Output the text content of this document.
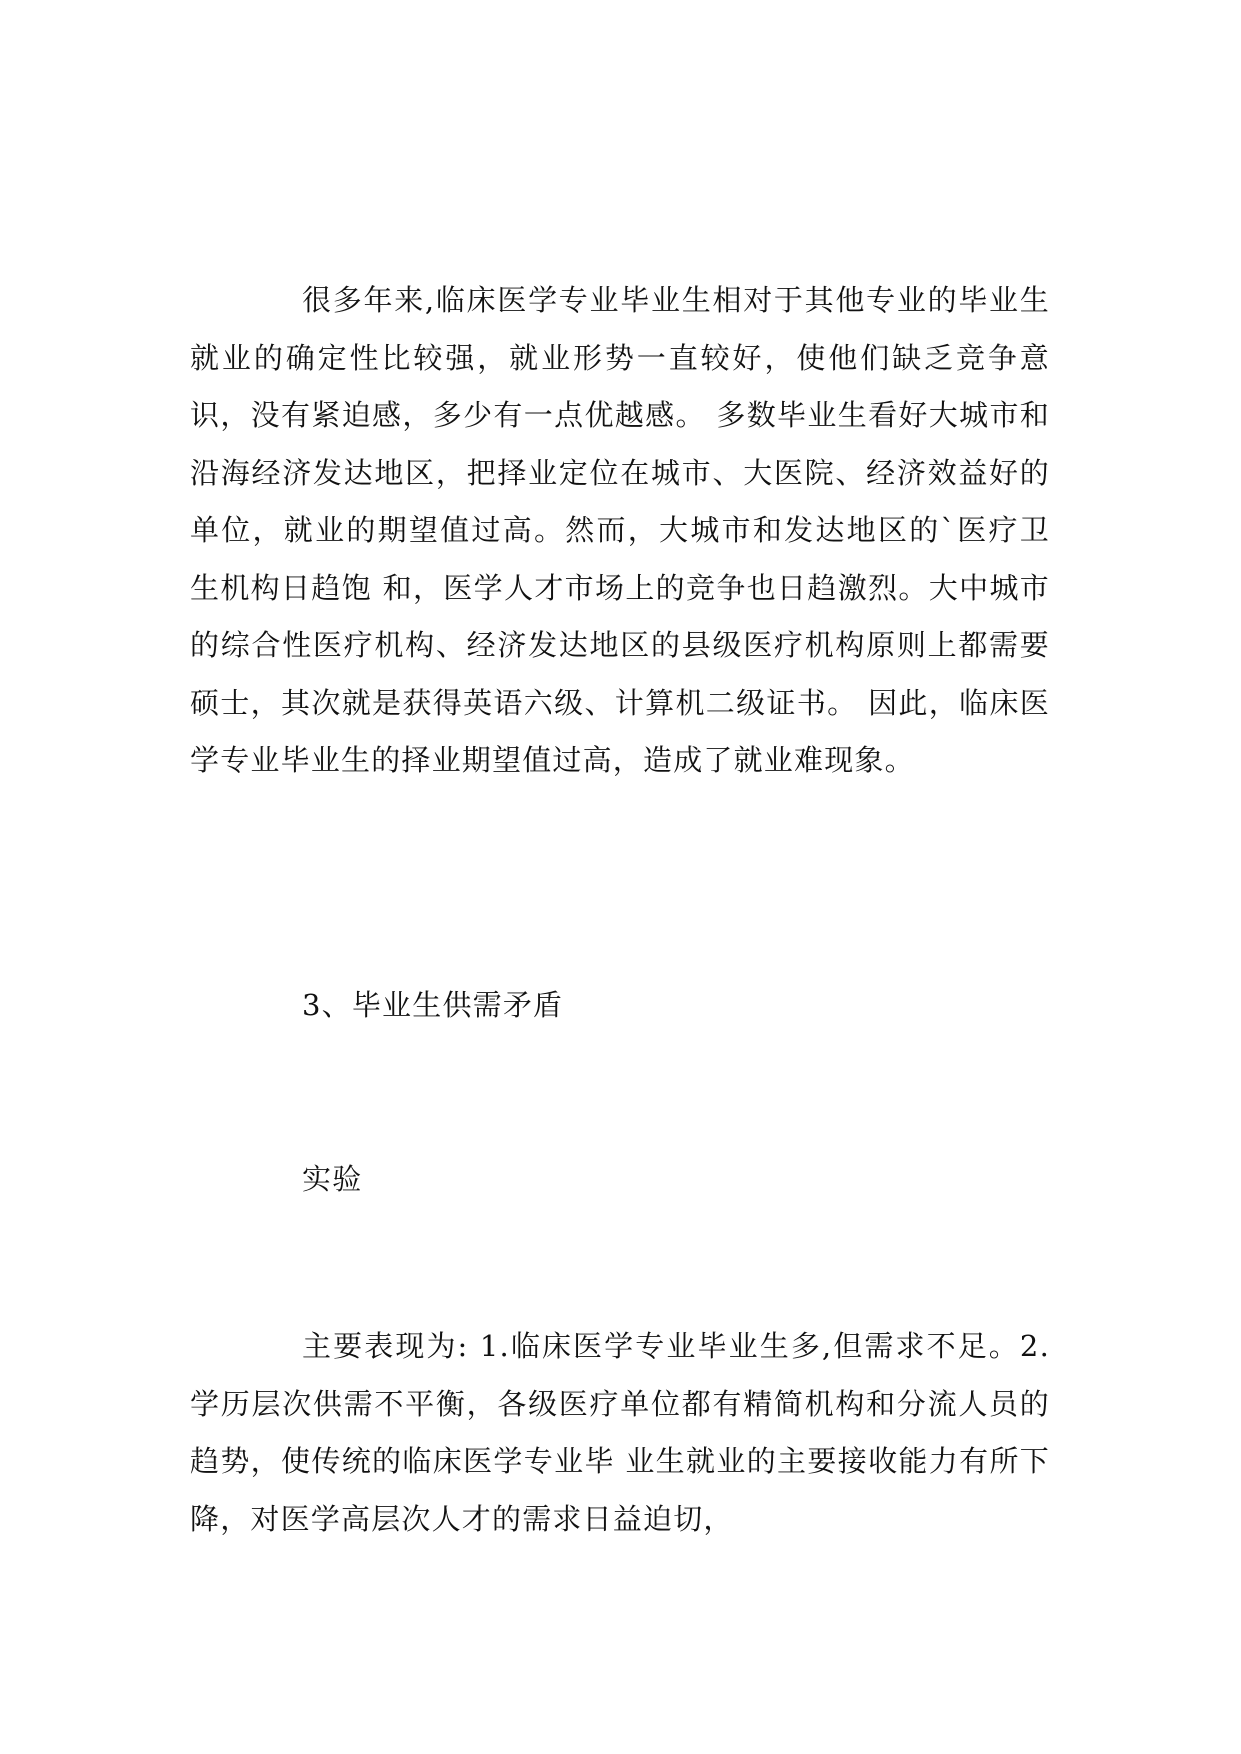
很多年来,临床医学专业毕业生相对于其他专业的毕业生就业的确定性比较强，就业形势一直较好，使他们缺乏竞争意识，没有紧迫感，多少有一点优越感。 多数毕业生看好大城市和沿海经济发达地区，把择业定位在城市、大医院、经济效益好的单位，就业的期望值过高。然而，大城市和发达地区的`医疗卫生机构日趋饱 和，医学人才市场上的竞争也日趋激烈。大中城市的综合性医疗机构、经济发达地区的县级医疗机构原则上都需要硕士，其次就是获得英语六级、计算机二级证书。 因此，临床医学专业毕业生的择业期望值过高，造成了就业难现象。

3、毕业生供需矛盾

实验

主要表现为: 1.临床医学专业毕业生多,但需求不足。2.学历层次供需不平衡，各级医疗单位都有精简机构和分流人员的趋势，使传统的临床医学专业毕 业生就业的主要接收能力有所下降，对医学高层次人才的需求日益迫切，
